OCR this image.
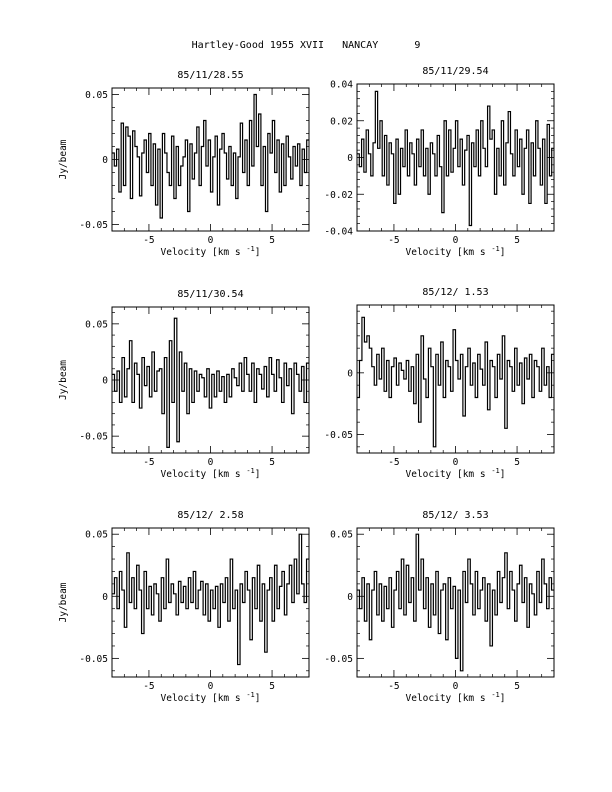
Hartley-Good 1955 XVII   NANCAY      9
85/11/28.55
-5	0	5
-0.05
0
0.05
Velocity [km s $^{-1}$]
Jy/beam
85/11/29.54
-5	0	5
-0.04
-0.02
0
0.02
0.04
Velocity [km s $^{-1}$]
85/11/30.54
-5	0	5
-0.05
0
0.05
Velocity [km s $^{-1}$]
Jy/beam
85/12/ 1.53
-5	0	5
-0.05
0
Velocity [km s $^{-1}$]
85/12/ 2.58
-5	0	5
-0.05
0
0.05
Velocity [km s $^{-1}$]
Jy/beam
85/12/ 3.53
-5	0	5
-0.05
0
0.05
Velocity [km s $^{-1}$]
